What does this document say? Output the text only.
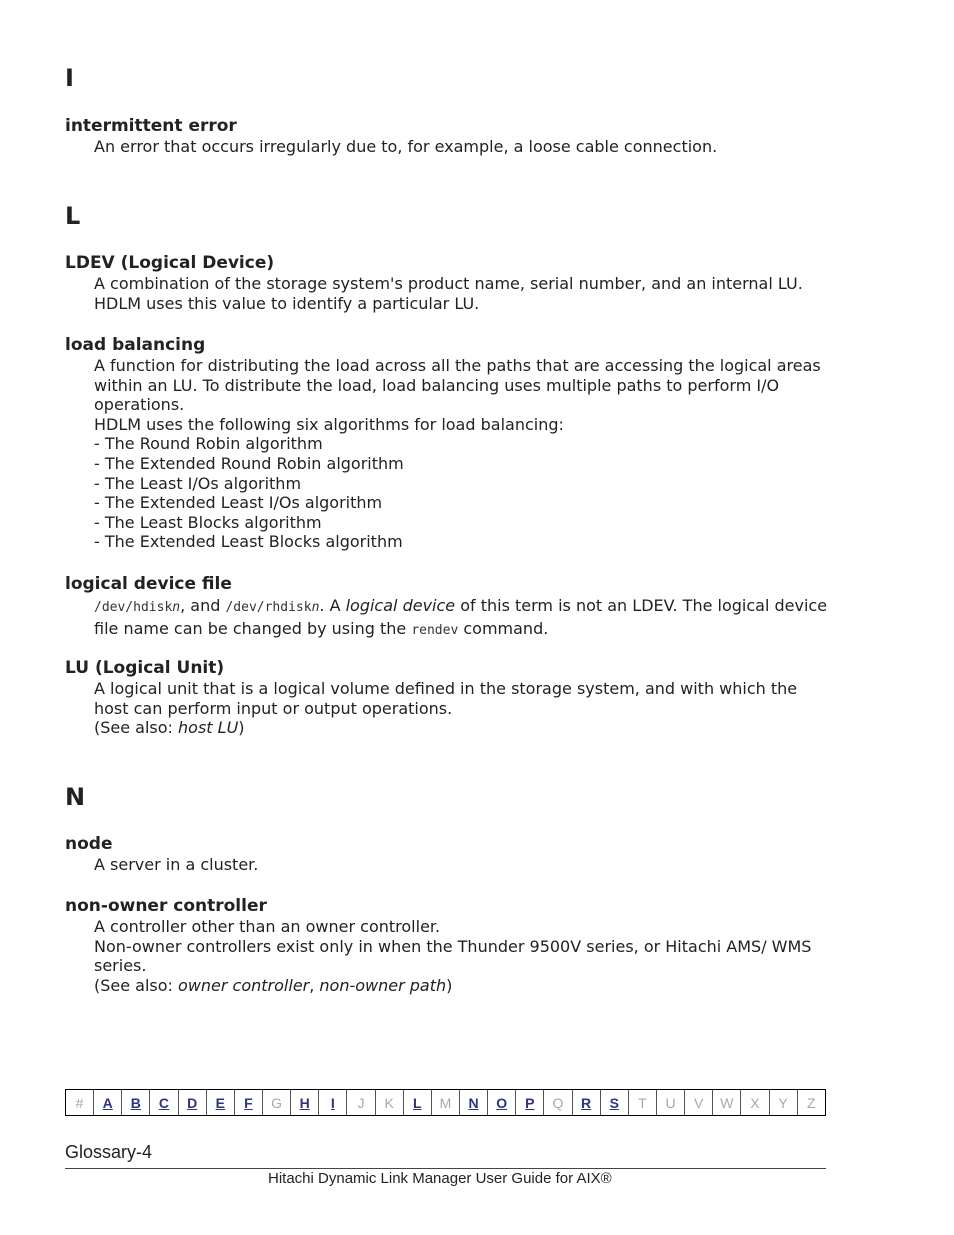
I
intermittent error

An error that occurs irregularly due to, for example, a loose cable connection.

L
LDEV (Logical Device)

A combination of the storage system's product name, serial number, and an internal LU.

HDLM uses this value to identify a particular LU.

load balancing

A function for distributing the load across all the paths that are accessing the logical areas within an LU. To distribute the load, load balancing uses multiple paths to perform I/O operations.

HDLM uses the following six algorithms for load balancing:

- The Round Robin algorithm

- The Extended Round Robin algorithm

- The Least I/Os algorithm

- The Extended Least I/Os algorithm

- The Least Blocks algorithm

- The Extended Least Blocks algorithm

logical device file

/dev/hdiskn, and /dev/rhdiskn. A logical device of this term is not an LDEV. The logical device file name can be changed by using the rendev command.

LU (Logical Unit)

A logical unit that is a logical volume defined in the storage system, and with which the host can perform input or output operations.

(See also: host LU)

N
node

A server in a cluster.

non-owner controller

A controller other than an owner controller.

Non-owner controllers exist only in when the Thunder 9500V series, or Hitachi AMS/ WMS series.

(See also: owner controller, non-owner path)

#	A	B	C	D	E	F	G	H	I	J	K	L	M	N	O	P	Q	R	S	T	U	V	W	X	Y	Z
Glossary-4
Hitachi Dynamic Link Manager User Guide for AIX®
